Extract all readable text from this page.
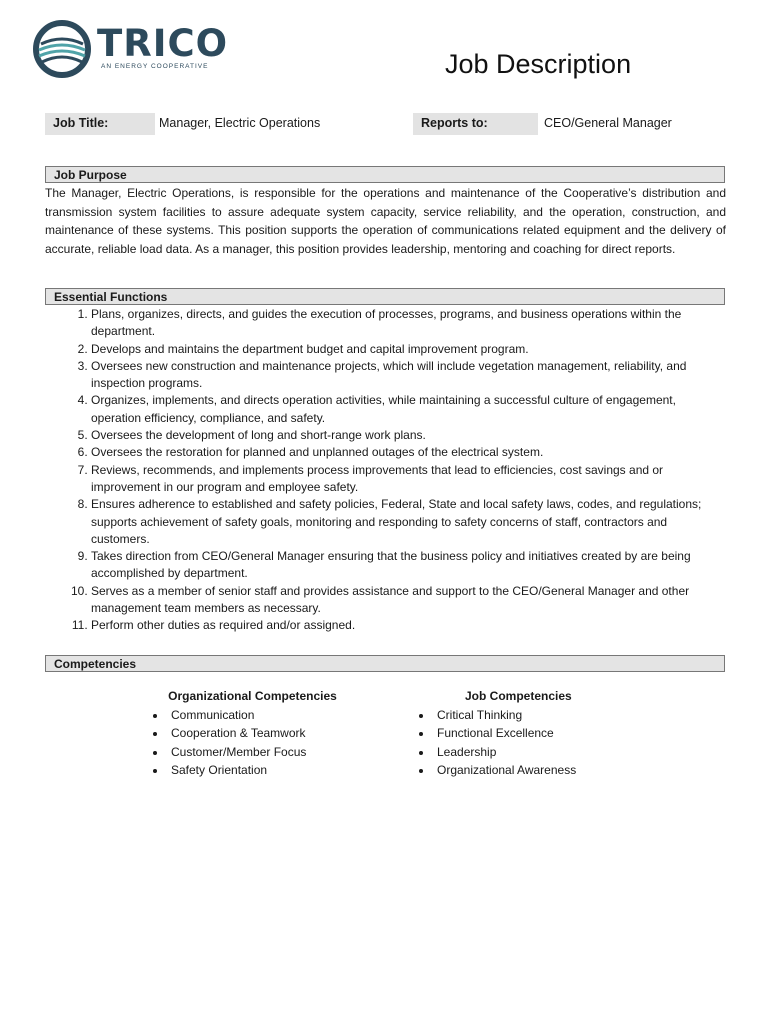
TRICO
AN ENERGY COOPERATIVE	Job Description
Job Title:	Manager, Electric Operations	Reports to:	CEO/General Manager
Job Purpose

The Manager, Electric Operations, is responsible for the operations and maintenance of the Cooperative’s distribution and transmission system facilities to assure adequate system capacity, service reliability, and the operation, construction, and maintenance of these systems. This position supports the operation of communications related equipment and the delivery of accurate, reliable load data. As a manager, this position provides leadership, mentoring and coaching for direct reports.

Essential Functions
1. Plans, organizes, directs, and guides the execution of processes, programs, and business operations within the department.
2. Develops and maintains the department budget and capital improvement program.
3. Oversees new construction and maintenance projects, which will include vegetation management, reliability, and inspection programs.
4. Organizes, implements, and directs operation activities, while maintaining a successful culture of engagement, operation efficiency, compliance, and safety.
5. Oversees the development of long and short-range work plans.
6. Oversees the restoration for planned and unplanned outages of the electrical system.
7. Reviews, recommends, and implements process improvements that lead to efficiencies, cost savings and or improvement in our program and employee safety.
8. Ensures adherence to established and safety policies, Federal, State and local safety laws, codes, and regulations; supports achievement of safety goals, monitoring and responding to safety concerns of staff, contractors and customers.
9. Takes direction from CEO/General Manager ensuring that the business policy and initiatives created by are being accomplished by department.
10. Serves as a member of senior staff and provides assistance and support to the CEO/General Manager and other management team members as necessary.
11. Perform other duties as required and/or assigned.
Competencies
Organizational Competencies
• Communication
• Cooperation & Teamwork
• Customer/Member Focus
• Safety Orientation
Job Competencies
• Critical Thinking
• Functional Excellence
• Leadership
• Organizational Awareness
